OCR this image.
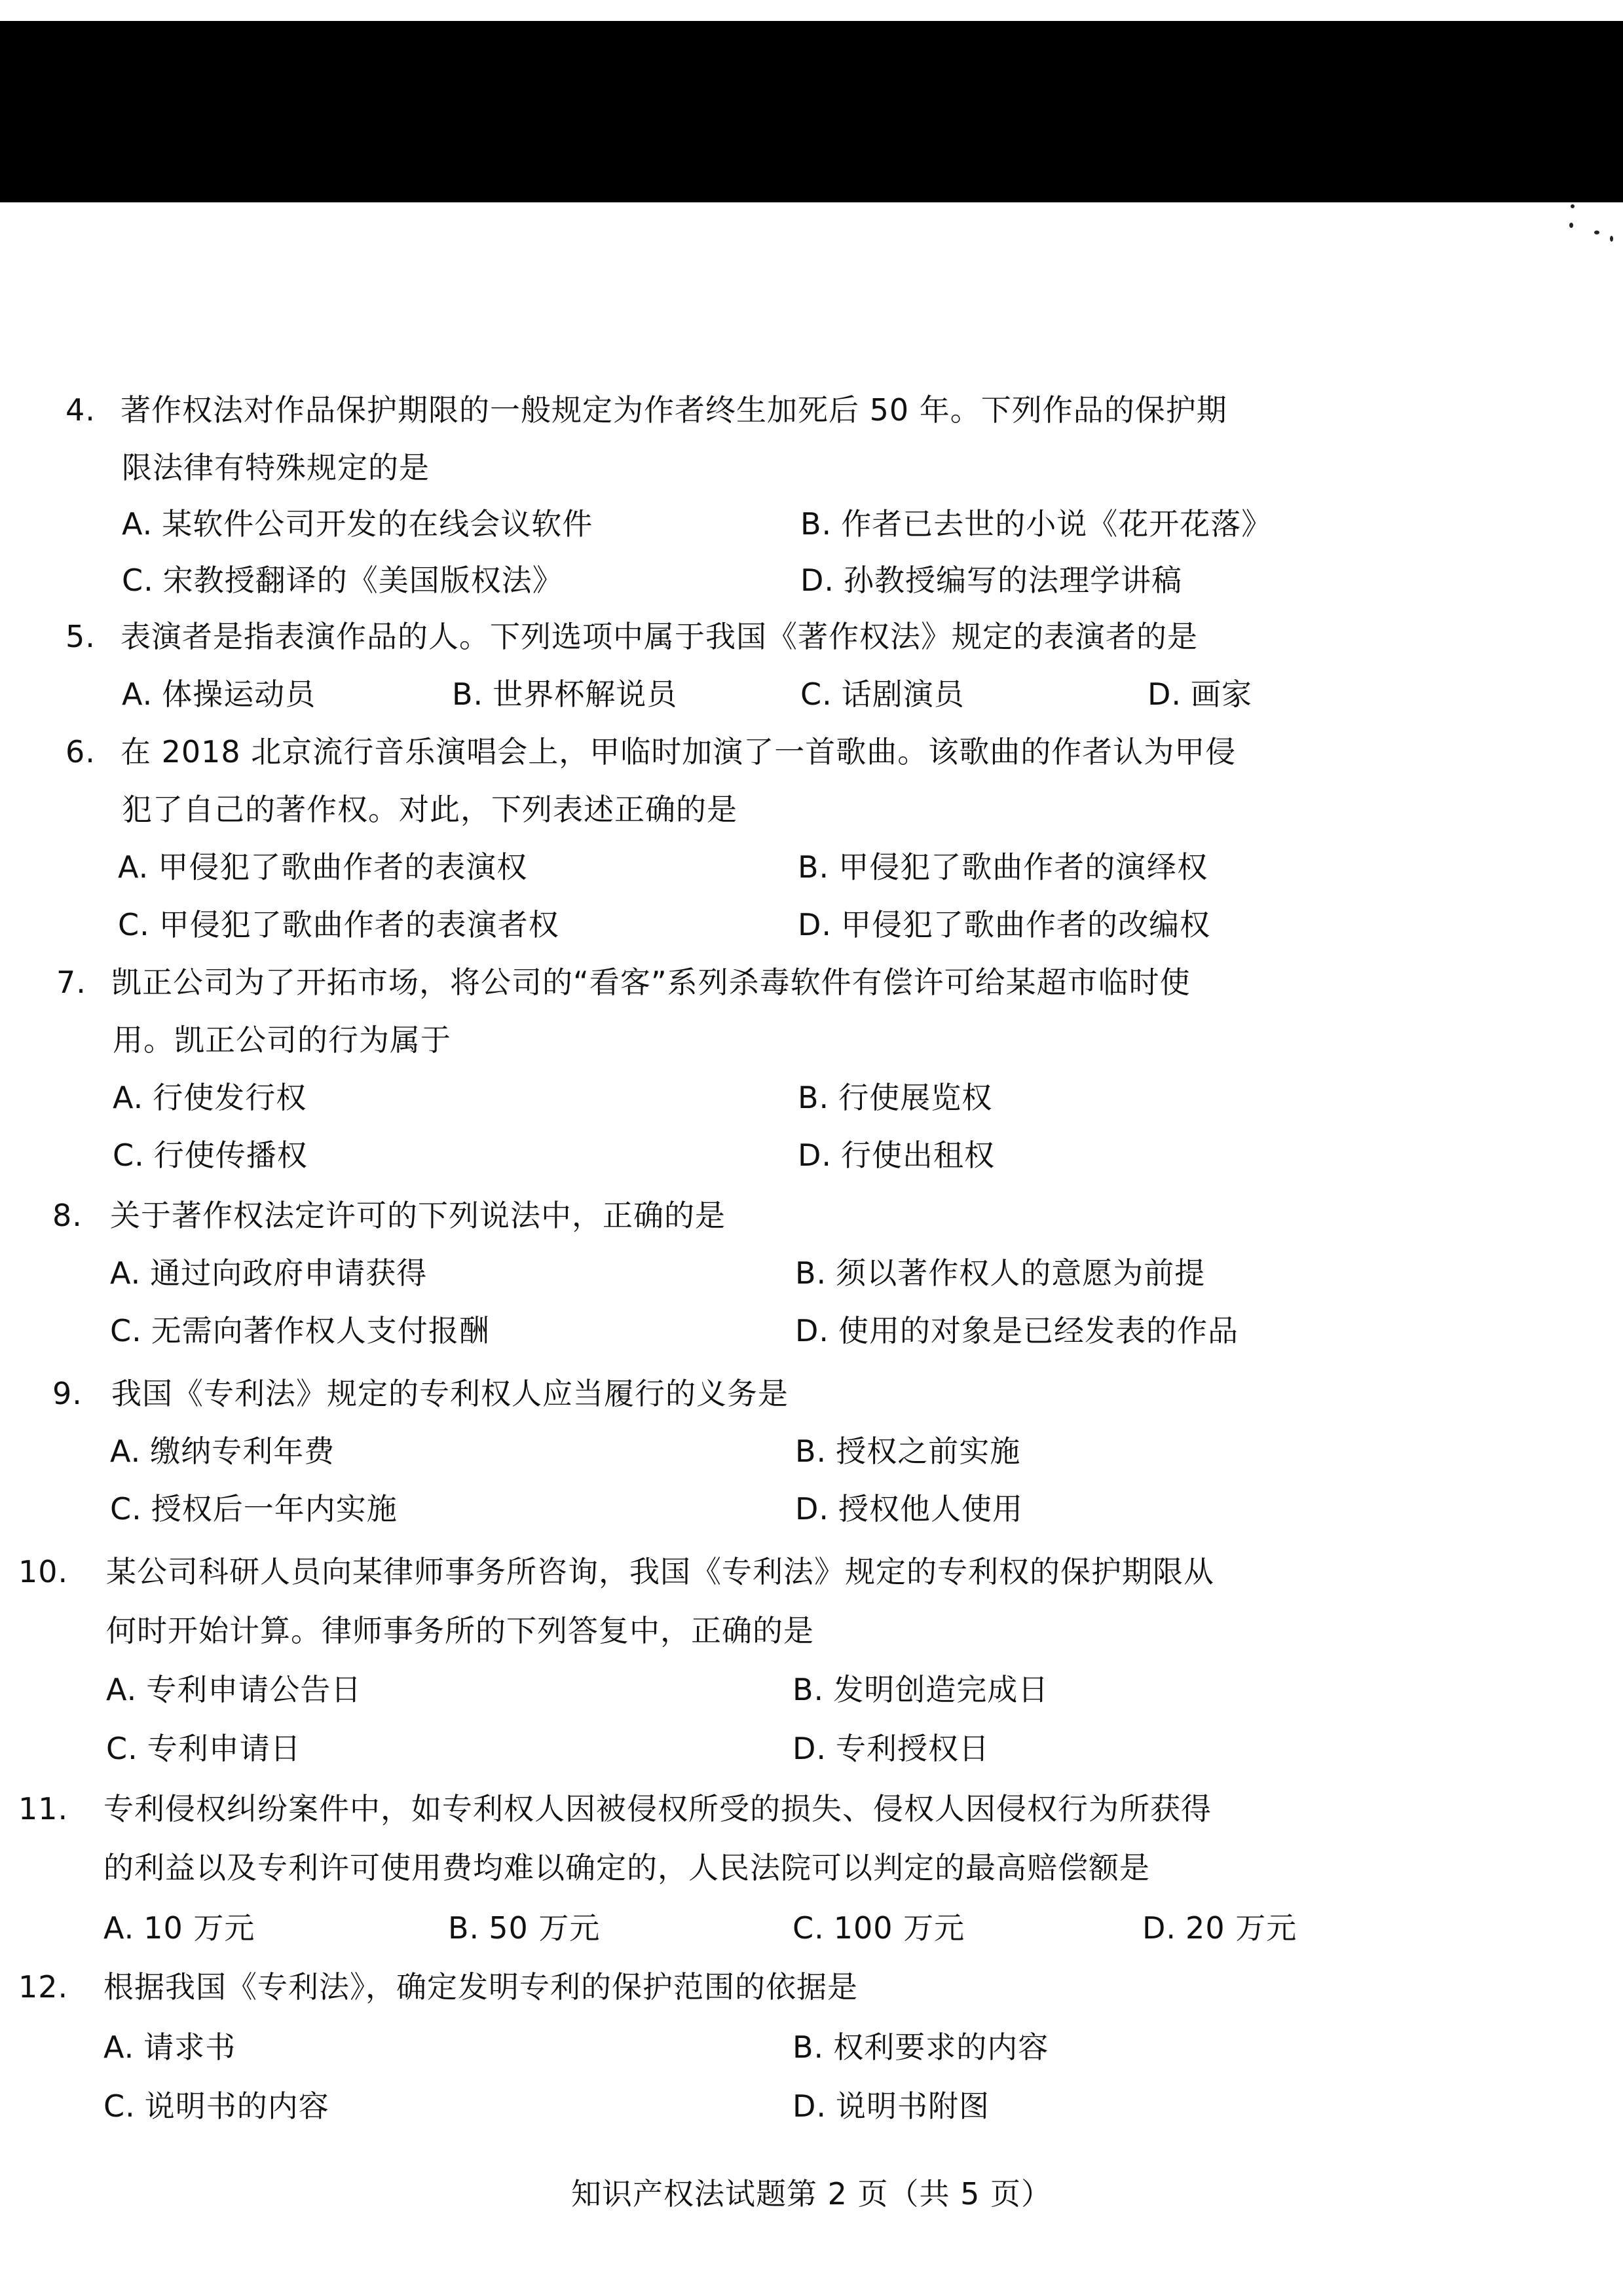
4. 著作权法对作品保护期限的一般规定为作者终生加死后 50 年。下列作品的保护期
限法律有特殊规定的是
A. 某软件公司开发的在线会议软件	B. 作者已去世的小说《花开花落》
C. 宋教授翻译的《美国版权法》	D. 孙教授编写的法理学讲稿
5. 表演者是指表演作品的人。下列选项中属于我国《著作权法》规定的表演者的是
A. 体操运动员	B. 世界杯解说员	C. 话剧演员	D. 画家
6. 在 2018 北京流行音乐演唱会上，甲临时加演了一首歌曲。该歌曲的作者认为甲侵
犯了自己的著作权。对此，下列表述正确的是
A. 甲侵犯了歌曲作者的表演权	B. 甲侵犯了歌曲作者的演绎权
C. 甲侵犯了歌曲作者的表演者权	D. 甲侵犯了歌曲作者的改编权
7. 凯正公司为了开拓市场，将公司的“看客”系列杀毒软件有偿许可给某超市临时使
用。凯正公司的行为属于
A. 行使发行权	B. 行使展览权
C. 行使传播权	D. 行使出租权
8. 关于著作权法定许可的下列说法中，正确的是
A. 通过向政府申请获得	B. 须以著作权人的意愿为前提
C. 无需向著作权人支付报酬	D. 使用的对象是已经发表的作品
9. 我国《专利法》规定的专利权人应当履行的义务是
A. 缴纳专利年费	B. 授权之前实施
C. 授权后一年内实施	D. 授权他人使用
10. 某公司科研人员向某律师事务所咨询，我国《专利法》规定的专利权的保护期限从
何时开始计算。律师事务所的下列答复中，正确的是
A. 专利申请公告日	B. 发明创造完成日
C. 专利申请日	D. 专利授权日
11. 专利侵权纠纷案件中，如专利权人因被侵权所受的损失、侵权人因侵权行为所获得
的利益以及专利许可使用费均难以确定的，人民法院可以判定的最高赔偿额是
A. 10 万元	B. 50 万元	C. 100 万元	D. 20 万元
12. 根据我国《专利法》，确定发明专利的保护范围的依据是
A. 请求书	B. 权利要求的内容
C. 说明书的内容	D. 说明书附图
知识产权法试题第 2 页（共 5 页）
